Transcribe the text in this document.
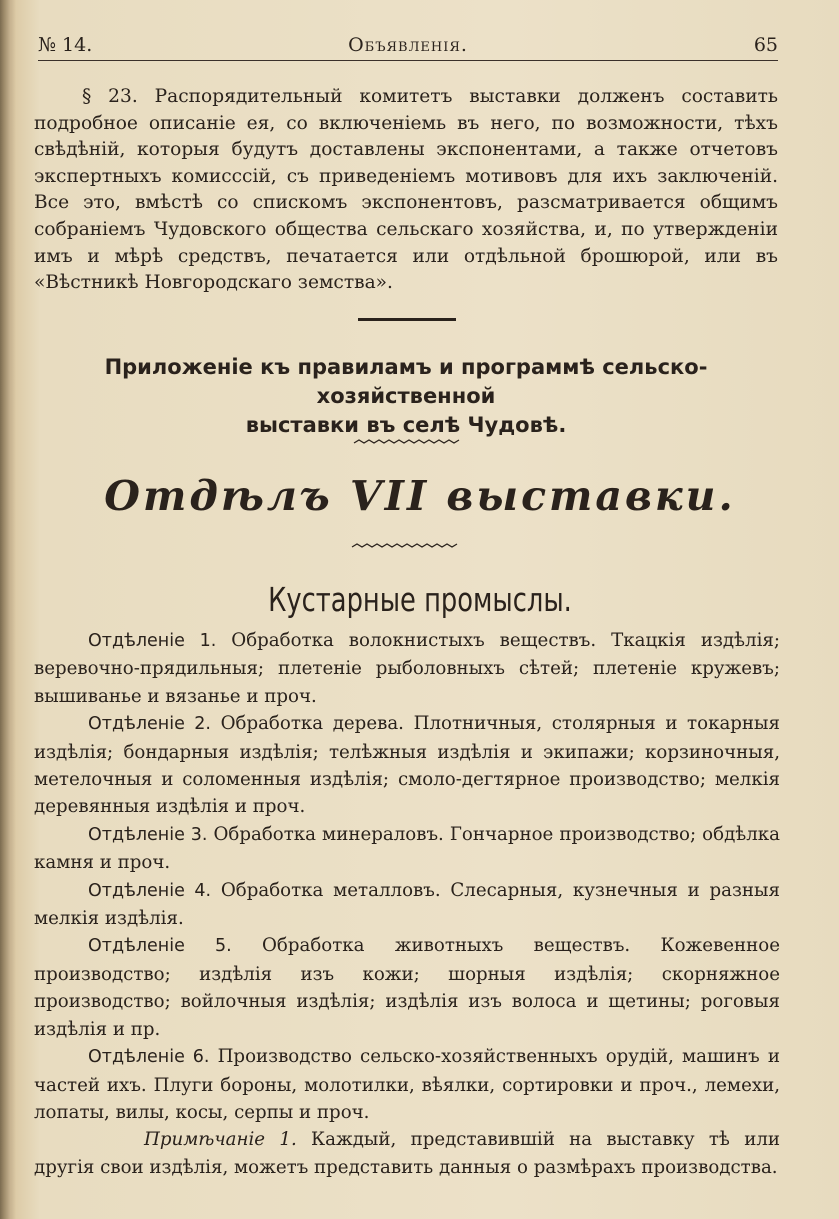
№ 14.	Объявленія.	65

§ 23. Распорядительный комитетъ выставки долженъ составить подробное описаніе ея, со включеніемь въ него, по возможности, тѣхъ свѣдѣній, которыя будутъ доставлены экспонентами, а также отчетовъ экспертныхъ комисссій, съ приведеніемъ мотивовъ для ихъ заключеній. Все это, вмѣстѣ со спискомъ экспонентовъ, разсматривается общимъ собраніемъ Чудовского общества сельскаго хозяйства, и, по утвержденіи имъ и мѣрѣ средствъ, печатается или отдѣльной брошюрой, или въ «Вѣстникѣ Новгородскаго земства».

Приложеніе къ правиламъ и программѣ сельско-хозяйственной
выставки въ селѣ Чудовѣ.
Отдѣлъ VII выставки.
Кустарные промыслы.

Отдѣленіе 1. Обработка волокнистыхъ веществъ. Ткацкія издѣлія; веревочно-прядильныя; плетеніе рыболовныхъ сѣтей; плетеніе кружевъ; вышиванье и вязанье и проч.

Отдѣленіе 2. Обработка дерева. Плотничныя, столярныя и токарныя издѣлія; бондарныя издѣлія; телѣжныя издѣлія и экипажи; корзиночныя, метелочныя и соломенныя издѣлія; смоло-дегтярное производство; мелкія деревянныя издѣлія и проч.

Отдѣленіе 3. Обработка минераловъ. Гончарное производство; обдѣлка камня и проч.

Отдѣленіе 4. Обработка металловъ. Слесарныя, кузнечныя и разныя мелкія издѣлія.

Отдѣленіе 5. Обработка животныхъ веществъ. Кожевенное производство; издѣлія изъ кожи; шорныя издѣлія; скорняжное производство; войлочныя издѣлія; издѣлія изъ волоса и щетины; роговыя издѣлія и пр.

Отдѣленіе 6. Производство сельско-хозяйственныхъ орудій, машинъ и частей ихъ. Плуги бороны, молотилки, вѣялки, сортировки и проч., лемехи, лопаты, вилы, косы, серпы и проч.

Примѣчаніе 1. Каждый, представившій на выставку тѣ или другія свои издѣлія, можетъ представить данныя о размѣрахъ производства.
